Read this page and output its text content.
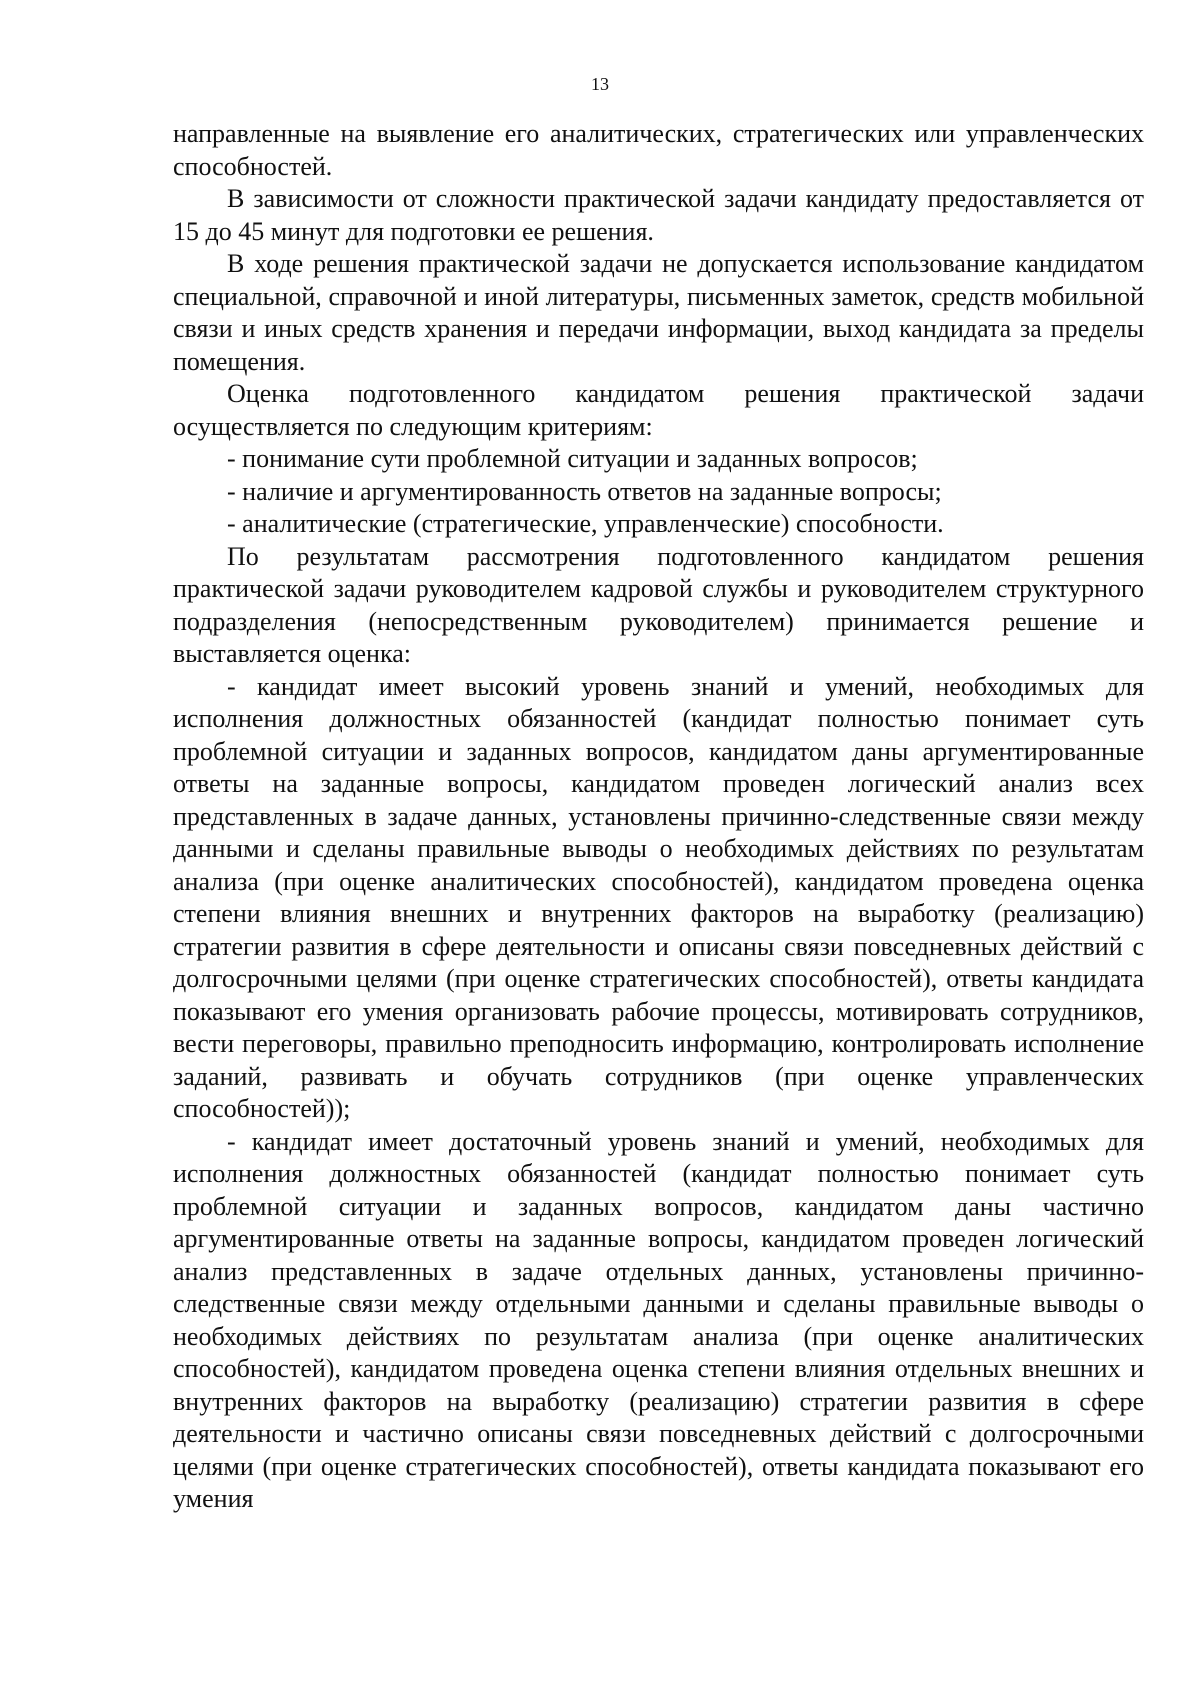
13

направленные на выявление его аналитических, стратегических или управленческих способностей.

В зависимости от сложности практической задачи кандидату предоставляется от 15 до 45 минут для подготовки ее решения.

В ходе решения практической задачи не допускается использование кандидатом специальной, справочной и иной литературы, письменных заметок, средств мобильной связи и иных средств хранения и передачи информации, выход кандидата за пределы помещения.

Оценка подготовленного кандидатом решения практической задачи осуществляется по следующим критериям:

- понимание сути проблемной ситуации и заданных вопросов;

- наличие и аргументированность ответов на заданные вопросы;

- аналитические (стратегические, управленческие) способности.

По результатам рассмотрения подготовленного кандидатом решения практической задачи руководителем кадровой службы и руководителем структурного подразделения (непосредственным руководителем) принимается решение и выставляется оценка:

- кандидат имеет высокий уровень знаний и умений, необходимых для исполнения должностных обязанностей (кандидат полностью понимает суть проблемной ситуации и заданных вопросов, кандидатом даны аргументированные ответы на заданные вопросы, кандидатом проведен логический анализ всех представленных в задаче данных, установлены причинно-следственные связи между данными и сделаны правильные выводы о необходимых действиях по результатам анализа (при оценке аналитических способностей), кандидатом проведена оценка степени влияния внешних и внутренних факторов на выработку (реализацию) стратегии развития в сфере деятельности и описаны связи повседневных действий с долгосрочными целями (при оценке стратегических способностей), ответы кандидата показывают его умения организовать рабочие процессы, мотивировать сотрудников, вести переговоры, правильно преподносить информацию, контролировать исполнение заданий, развивать и обучать сотрудников (при оценке управленческих способностей));

- кандидат имеет достаточный уровень знаний и умений, необходимых для исполнения должностных обязанностей (кандидат полностью понимает суть проблемной ситуации и заданных вопросов, кандидатом даны частично аргументированные ответы на заданные вопросы, кандидатом проведен логический анализ представленных в задаче отдельных данных, установлены причинно-следственные связи между отдельными данными и сделаны правильные выводы о необходимых действиях по результатам анализа (при оценке аналитических способностей), кандидатом проведена оценка степени влияния отдельных внешних и внутренних факторов на выработку (реализацию) стратегии развития в сфере деятельности и частично описаны связи повседневных действий с долгосрочными целями (при оценке стратегических способностей), ответы кандидата показывают его умения
